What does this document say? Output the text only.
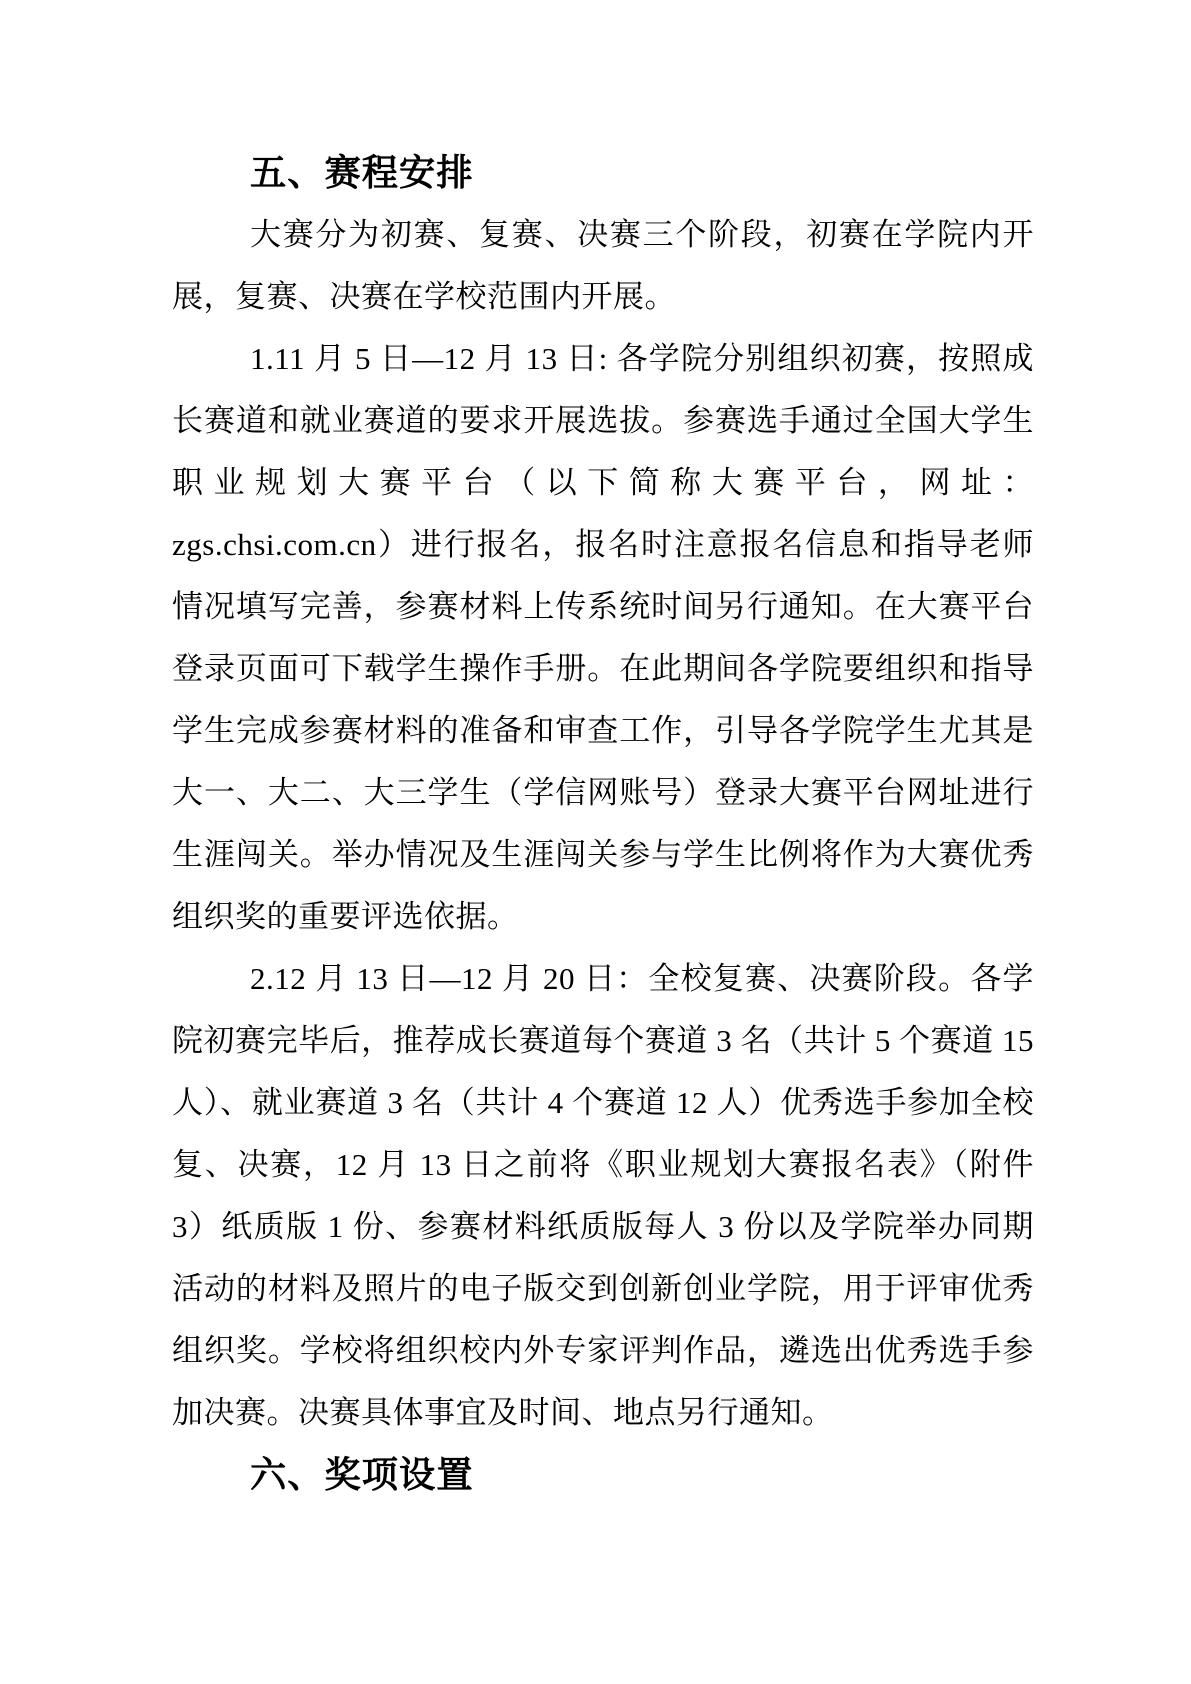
五、赛程安排

大赛分为初赛、复赛、决赛三个阶段，初赛在学院内开展，复赛、决赛在学校范围内开展。

1.11 月 5 日—12 月 13 日: 各学院分别组织初赛，按照成长赛道和就业赛道的要求开展选拔。参赛选手通过全国大学生职业规划大赛平台（以下简称大赛平台，网址：zgs.chsi.com.cn）进行报名，报名时注意报名信息和指导老师情况填写完善，参赛材料上传系统时间另行通知。在大赛平台登录页面可下载学生操作手册。在此期间各学院要组织和指导学生完成参赛材料的准备和审查工作，引导各学院学生尤其是大一、大二、大三学生（学信网账号）登录大赛平台网址进行生涯闯关。举办情况及生涯闯关参与学生比例将作为大赛优秀组织奖的重要评选依据。

2.12 月 13 日—12 月 20 日：全校复赛、决赛阶段。各学院初赛完毕后，推荐成长赛道每个赛道 3 名（共计 5 个赛道 15 人）、就业赛道 3 名（共计 4 个赛道 12 人）优秀选手参加全校复、决赛，12 月 13 日之前将《职业规划大赛报名表》（附件 3）纸质版 1 份、参赛材料纸质版每人 3 份以及学院举办同期活动的材料及照片的电子版交到创新创业学院，用于评审优秀组织奖。学校将组织校内外专家评判作品，遴选出优秀选手参加决赛。决赛具体事宜及时间、地点另行通知。

六、奖项设置
